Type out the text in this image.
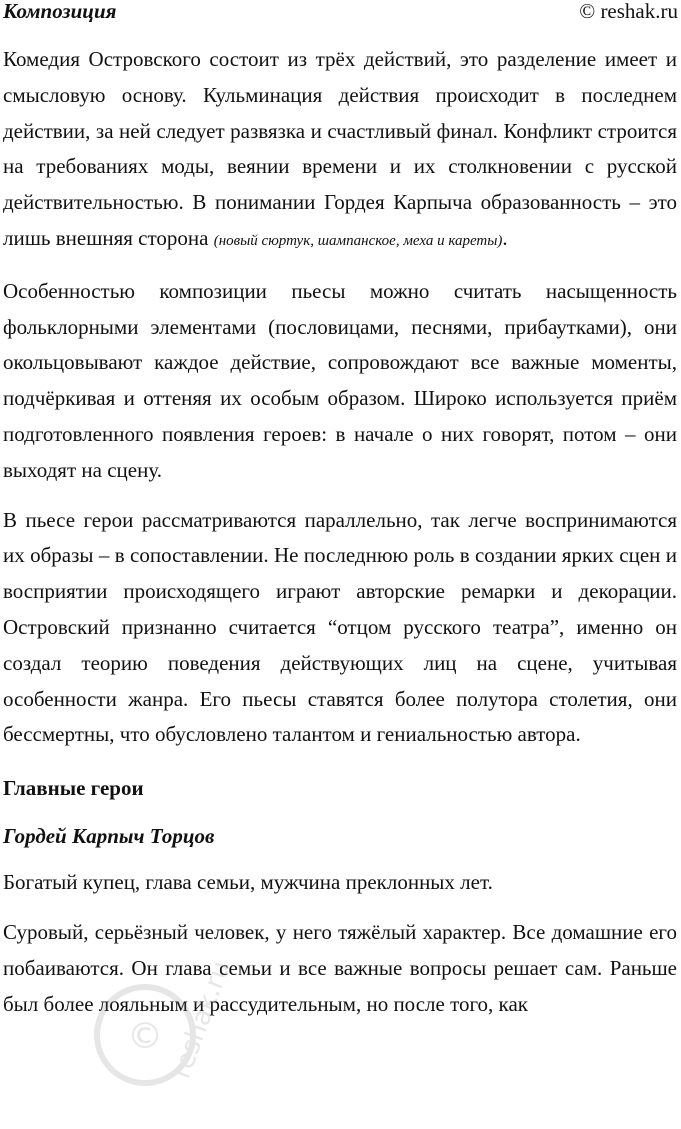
Композиция	© reshak.ru

Комедия Островского состоит из трёх действий, это разделение имеет и смысловую основу. Кульминация действия происходит в последнем действии, за ней следует развязка и счастливый финал. Конфликт строится на требованиях моды, веянии времени и их столкновении с русской действительностью. В понимании Гордея Карпыча образованность – это лишь внешняя сторона (новый сюртук, шампанское, меха и кареты).

Особенностью композиции пьесы можно считать насыщенность фольклорными элементами (пословицами, песнями, прибаутками), они окольцовывают каждое действие, сопровождают все важные моменты, подчёркивая и оттеняя их особым образом. Широко используется приём подготовленного появления героев: в начале о них говорят, потом – они выходят на сцену.

В пьесе герои рассматриваются параллельно, так легче воспринимаются их образы – в сопоставлении. Не последнюю роль в создании ярких сцен и восприятии происходящего играют авторские ремарки и декорации. Островский признанно считается “отцом русского театра”, именно он создал теорию поведения действующих лиц на сцене, учитывая особенности жанра. Его пьесы ставятся более полутора столетия, они бессмертны, что обусловлено талантом и гениальностью автора.

Главные герои
Гордей Карпыч Торцов

Богатый купец, глава семьи, мужчина преклонных лет.

Суровый, серьёзный человек, у него тяжёлый характер. Все домашние его побаиваются. Он глава семьи и все важные вопросы решает сам. Раньше был более лояльным и рассудительным, но после того, как

© reshak.ru
